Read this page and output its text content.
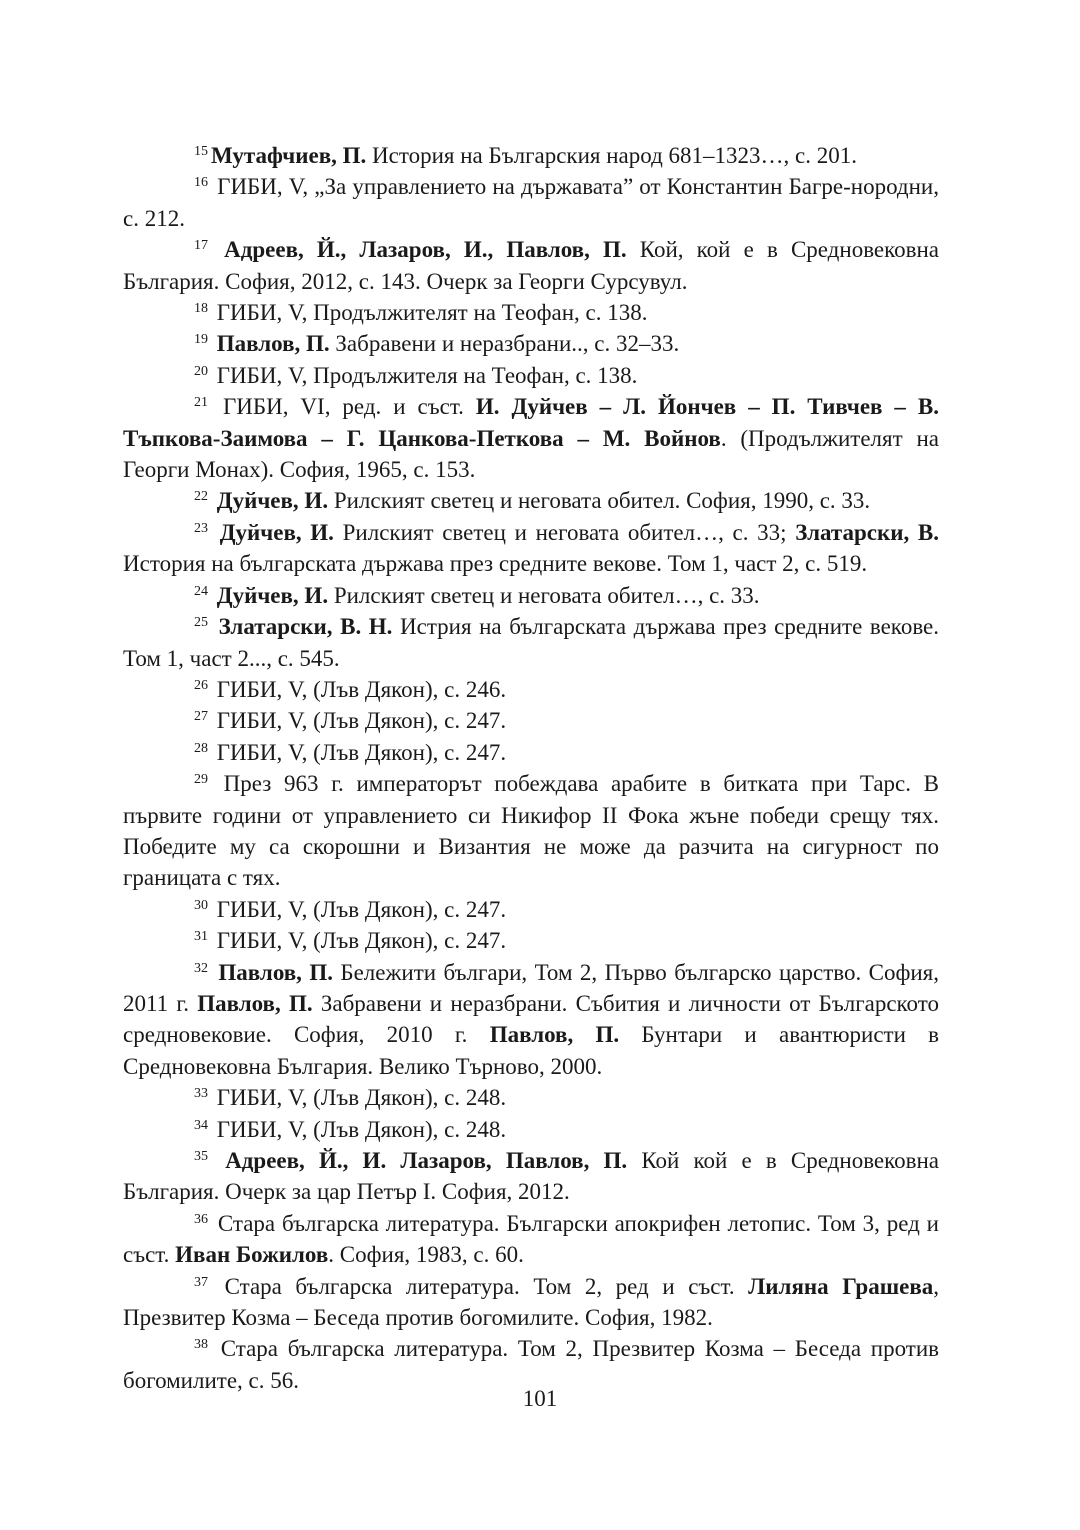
$^{15}$ Мутафчиев, П. История на Българския народ 681–1323…, с. 201.

$^{16}$ ГИБИ, V, „За управлението на държавата” от Константин Багре-нородни, с. 212.

$^{17}$ Адреев, Й., Лазаров, И., Павлов, П. Кой, кой е в Средновековна България. София, 2012, с. 143. Очерк за Георги Сурсувул.

$^{18}$ ГИБИ, V, Продължителят на Теофан, с. 138.

$^{19}$ Павлов, П. Забравени и неразбрани.., с. 32–33.

$^{20}$ ГИБИ, V, Продължителя на Теофан, с. 138.

$^{21}$ ГИБИ, VI, ред. и съст. И. Дуйчев – Л. Йончев – П. Тивчев – В. Тъпкова-Заимова – Г. Цанкова-Петкова – М. Войнов. (Продължителят на Георги Монах). София, 1965, с. 153.

$^{22}$ Дуйчев, И. Рилският светец и неговата обител. София, 1990, с. 33.

$^{23}$ Дуйчев, И. Рилският светец и неговата обител…, с. 33; Златарски, В. История на българската държава през средните векове. Том 1, част 2, с. 519.

$^{24}$ Дуйчев, И. Рилският светец и неговата обител…, с. 33.

$^{25}$ Златарски, В. Н. Истрия на българската държава през средните векове. Том 1, част 2..., с. 545.

$^{26}$ ГИБИ, V, (Лъв Дякон), с. 246.

$^{27}$ ГИБИ, V, (Лъв Дякон), с. 247.

$^{28}$ ГИБИ, V, (Лъв Дякон), с. 247.

$^{29}$ През 963 г. императорът побеждава арабите в битката при Тарс. В първите години от управлението си Никифор II Фока жъне победи срещу тях. Победите му са скорошни и Византия не може да разчита на сигурност по границата с тях.

$^{30}$ ГИБИ, V, (Лъв Дякон), с. 247.

$^{31}$ ГИБИ, V, (Лъв Дякон), с. 247.

$^{32}$ Павлов, П. Бележити българи, Том 2, Първо българско царство. София, 2011 г. Павлов, П. Забравени и неразбрани. Събития и личности от Българското средновековие. София, 2010 г. Павлов, П. Бунтари и авантюристи в Средновековна България. Велико Търново, 2000.

$^{33}$ ГИБИ, V, (Лъв Дякон), с. 248.

$^{34}$ ГИБИ, V, (Лъв Дякон), с. 248.

$^{35}$ Адреев, Й., И. Лазаров, Павлов, П. Кой кой е в Средновековна България. Очерк за цар Петър I. София, 2012.

$^{36}$ Стара българска литература. Български апокрифен летопис. Том 3, ред и съст. Иван Божилов. София, 1983, с. 60.

$^{37}$ Стара българска литература. Том 2, ред и съст. Лиляна Грашева, Презвитер Козма – Беседа против богомилите. София, 1982.

$^{38}$ Стара българска литература. Том 2, Презвитер Козма – Беседа против богомилите, с. 56.

101
